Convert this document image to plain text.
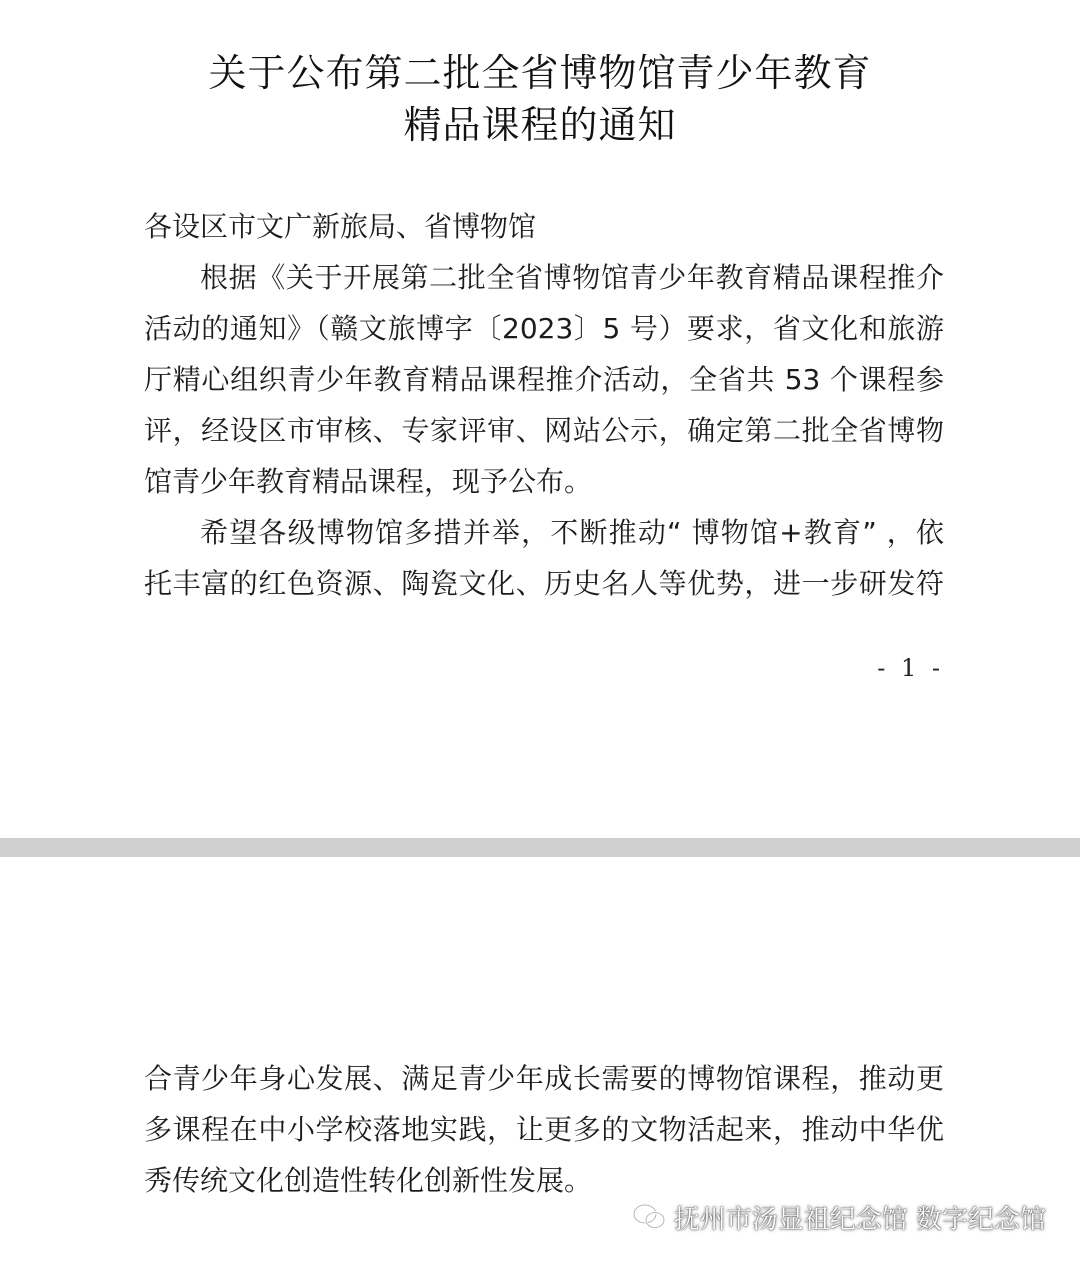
关于公布第二批全省博物馆青少年教育
精品课程的通知
各设区市文广新旅局、省博物馆
根据《关于开展第二批全省博物馆青少年教育精品课程推介
活动的通知》（赣文旅博字〔2023〕5 号）要求，省文化和旅游
厅精心组织青少年教育精品课程推介活动，全省共 53 个课程参
评，经设区市审核、专家评审、网站公示，确定第二批全省博物
馆青少年教育精品课程，现予公布。
希望各级博物馆多措并举，不断推动“ 博物馆+教育” ，依
托丰富的红色资源、陶瓷文化、历史名人等优势，进一步研发符
- 1 -
合青少年身心发展、满足青少年成长需要的博物馆课程，推动更
多课程在中小学校落地实践，让更多的文物活起来，推动中华优
秀传统文化创造性转化创新性发展。
抚州市汤显祖纪念馆 数字纪念馆
